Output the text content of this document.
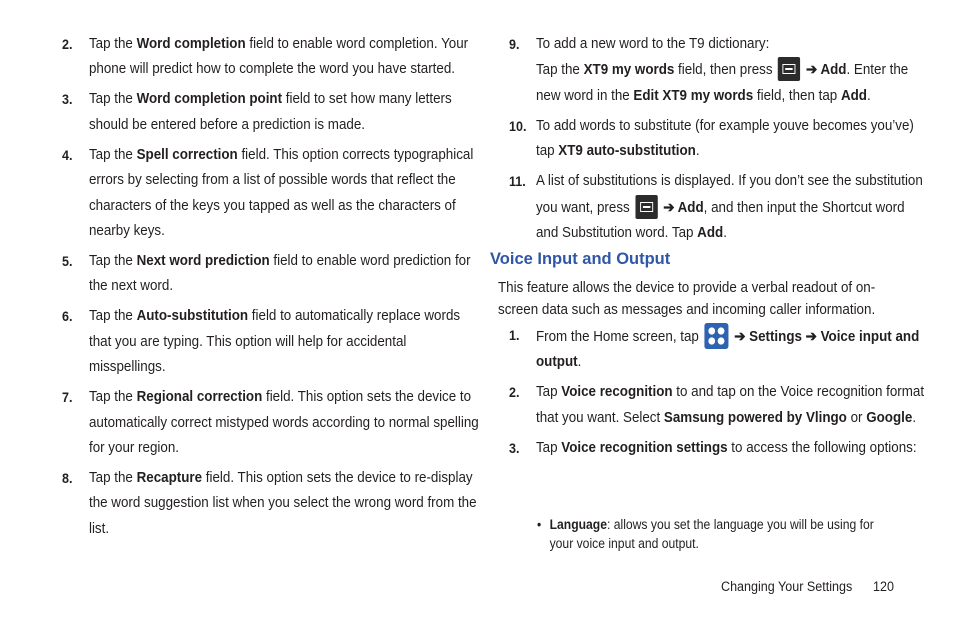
2. Tap the Word completion field to enable word completion. Your phone will predict how to complete the word you have started.
3. Tap the Word completion point field to set how many letters should be entered before a prediction is made.
4. Tap the Spell correction field. This option corrects typographical errors by selecting from a list of possible words that reflect the characters of the keys you tapped as well as the characters of nearby keys.
5. Tap the Next word prediction field to enable word prediction for the next word.
6. Tap the Auto-substitution field to automatically replace words that you are typing. This option will help for accidental misspellings.
7. Tap the Regional correction field. This option sets the device to automatically correct mistyped words according to normal spelling for your region.
8. Tap the Recapture field. This option sets the device to re-display the word suggestion list when you select the wrong word from the list.
9. To add a new word to the T9 dictionary:
Tap the XT9 my words field, then press  ➔ Add. Enter the new word in the Edit XT9 my words field, then tap Add.
10. To add words to substitute (for example youve becomes you’ve) tap XT9 auto-substitution.
11. A list of substitutions is displayed. If you don’t see the substitution you want, press  ➔ Add, and then input the Shortcut word and Substitution word. Tap Add.
Voice Input and Output
This feature allows the device to provide a verbal readout of on-screen data such as messages and incoming caller information.
1. From the Home screen, tap  ➔ Settings ➔ Voice input and output.
2. Tap Voice recognition to and tap on the Voice recognition format that you want. Select Samsung powered by Vlingo or Google.
3. Tap Voice recognition settings to access the following options:
• Language: allows you set the language you will be using for your voice input and output.
Changing Your Settings 120
